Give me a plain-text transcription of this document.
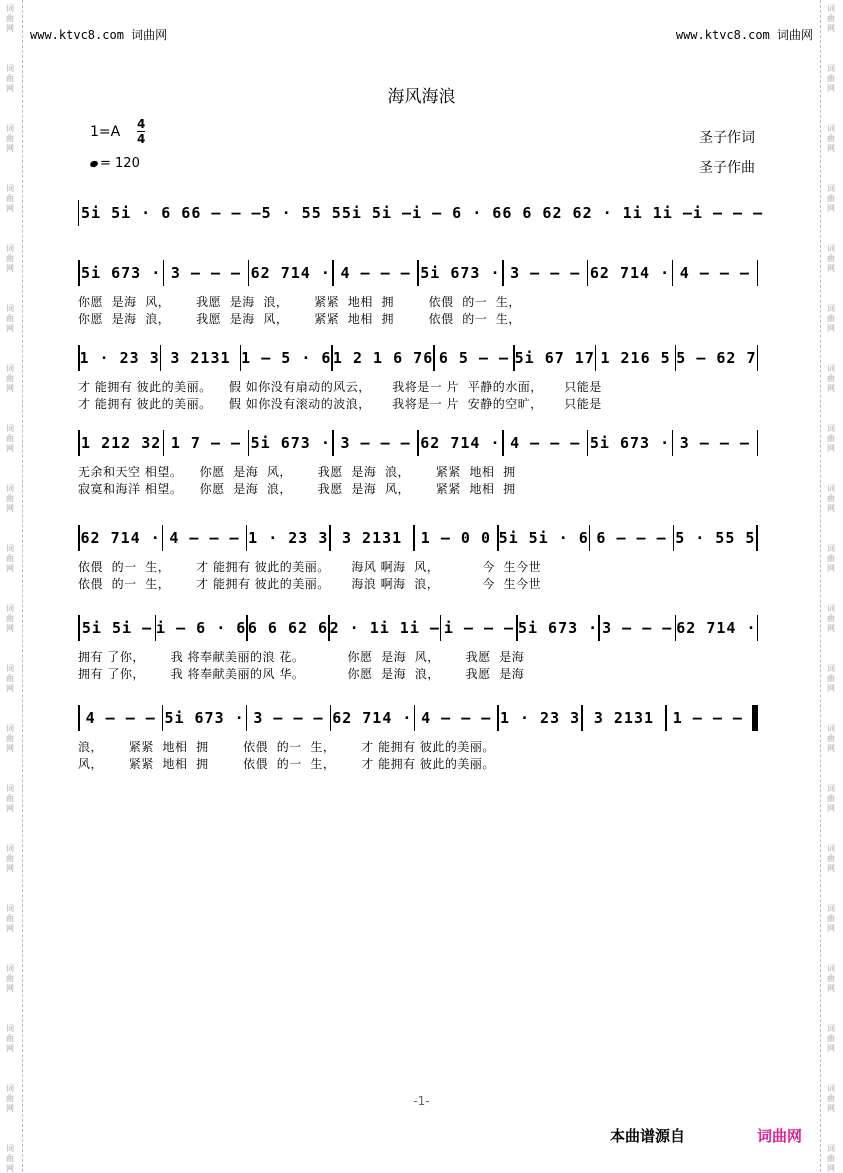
词
曲
网
词
曲
网
词
曲
网
词
曲
网
词
曲
网
词
曲
网
词
曲
网
词
曲
网
词
曲
网
词
曲
网
词
曲
网
词
曲
网
词
曲
网
词
曲
网
词
曲
网
词
曲
网
词
曲
网
词
曲
网
词
曲
网
词
曲
网
词
曲
网
词
曲
网
词
曲
网
词
曲
网
词
曲
网
词
曲
网
词
曲
网
词
曲
网
词
曲
网
词
曲
网
词
曲
网
词
曲
网
词
曲
网
词
曲
网
词
曲
网
词
曲
网
词
曲
网
词
曲
网
词
曲
网
词
曲
网
www.ktvc8.com 词曲网	www.ktvc8.com 词曲网
海风海浪
1=A 4
4
= 120
圣子作词
圣子作曲
5i 5i · 6 6 6 — — — 5 · 55 5 5i 5i — i — 6 · 6 6 6 62 6 2 · 1i 1i — i — — —
5i 673 · 3 — — — 62 714 · 4 — — — 5i 673 · 3 — — — 62 714 · 4 — — —
你愿  是海  风，      我愿  是海  浪，      紧紧  地相  拥        依偎  的一  生，
你愿  是海  浪，      我愿  是海  风，      紧紧  地相  拥        依偎  的一  生，
1 · 23 3 3 2131 1 — 5 · 6 1 2 1 6 76 6 5 — — 5i 67 17 1 216 5 5 — 62 7
才 能拥有 彼此的美丽。    假 如你没有扇动的风云，     我将是一 片  平静的水面，     只能是
才 能拥有 彼此的美丽。    假 如你没有滚动的波浪，     我将是一 片  安静的空旷，     只能是
1 212 32 1 7 — — 5i 673 · 3 — — — 62 714 · 4 — — — 5i 673 · 3 — — —
无余和天空 相望。    你愿  是海  风，      我愿  是海  浪，      紧紧  地相  拥
寂寞和海洋 相望。    你愿  是海  浪，      我愿  是海  风，      紧紧  地相  拥
62 714 · 4 — — — 1 · 23 3 3 2131	1 — 0 0 5i 5i · 6 6 — — — 5 · 55 5
依偎  的一  生，      才 能拥有 彼此的美丽。     海风 啊海  风，          今  生今世
依偎  的一  生，      才 能拥有 彼此的美丽。     海浪 啊海  浪，          今  生今世
5i 5i — i — 6 · 6 6 6 62 6 2 · 1i 1i — i — — — 5i 673 · 3 — — — 62 714 ·
拥有 了你，      我 将奉献美丽的浪 花。          你愿  是海  风，      我愿  是海
拥有 了你，      我 将奉献美丽的风 华。          你愿  是海  浪，      我愿  是海
4 — — — 5i 673 · 3 — — — 62 714 · 4 — — — 1 · 23 3 3 2131	1 — — —
浪，      紧紧  地相  拥        依偎  的一  生，      才 能拥有 彼此的美丽。
风，      紧紧  地相  拥        依偎  的一  生，      才 能拥有 彼此的美丽。
-1-
本曲谱源自	词曲网
